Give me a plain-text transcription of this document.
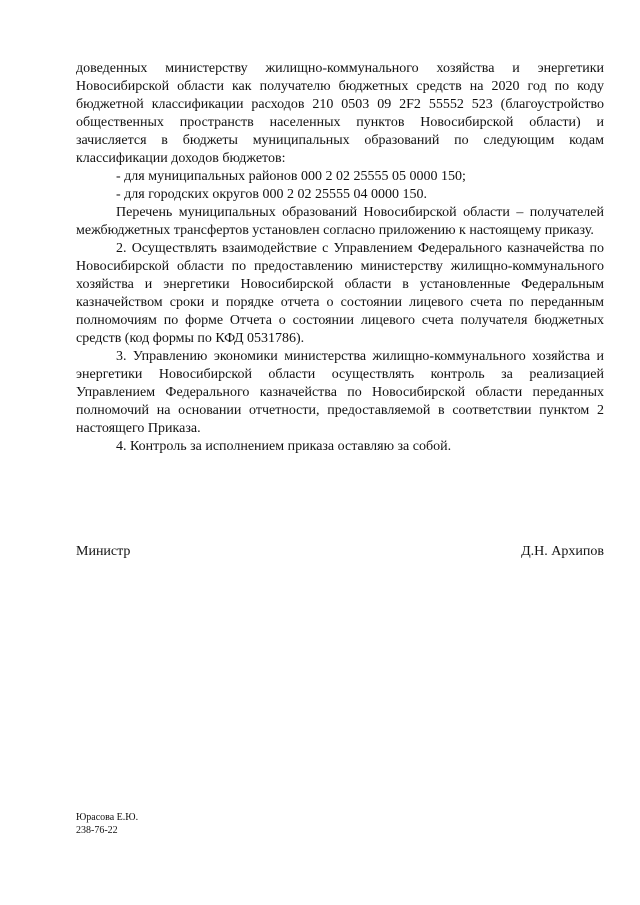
доведенных министерству жилищно-коммунального хозяйства и энергетики Новосибирской области как получателю бюджетных средств на 2020 год по коду бюджетной классификации расходов 210 0503 09 2F2 55552 523 (благоустройство общественных пространств населенных пунктов Новосибирской области) и зачисляется в бюджеты муниципальных образований по следующим кодам классификации доходов бюджетов:

- для муниципальных районов 000 2 02 25555 05 0000 150;

- для городских округов 000 2 02 25555 04 0000 150.

Перечень муниципальных образований Новосибирской области – получателей межбюджетных трансфертов установлен согласно приложению к настоящему приказу.

2. Осуществлять взаимодействие с Управлением Федерального казначейства по Новосибирской области по предоставлению министерству жилищно-коммунального хозяйства и энергетики Новосибирской области в установленные Федеральным казначейством сроки и порядке отчета о состоянии лицевого счета по переданным полномочиям по форме Отчета о состоянии лицевого счета получателя бюджетных средств (код формы по КФД 0531786).

3. Управлению экономики министерства жилищно-коммунального хозяйства и энергетики Новосибирской области осуществлять контроль за реализацией Управлением Федерального казначейства по Новосибирской области переданных полномочий на основании отчетности, предоставляемой в соответствии пунктом 2 настоящего Приказа.

4. Контроль за исполнением приказа оставляю за собой.

Министр	Д.Н. Архипов
Юрасова Е.Ю.
238-76-22
